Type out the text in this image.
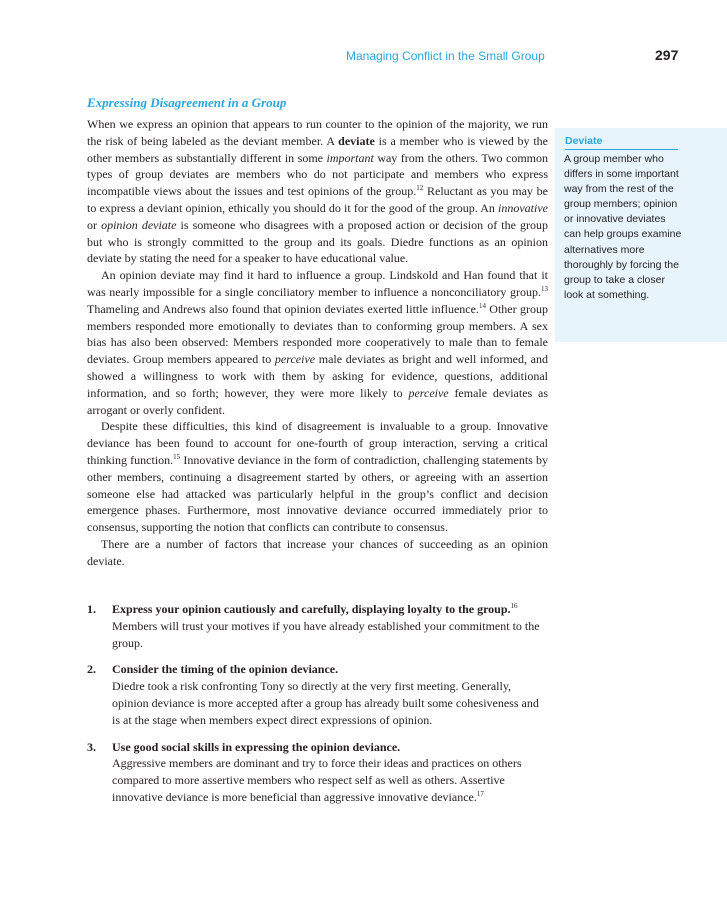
Managing Conflict in the Small Group	297
Deviate
A group member who differs in some important way from the rest of the group members; opinion or innovative deviates can help groups examine alternatives more thoroughly by forcing the group to take a closer look at something.
Expressing Disagreement in a Group

When we express an opinion that appears to run counter to the opinion of the majority, we run the risk of being labeled as the deviant member. A deviate is a member who is viewed by the other members as substantially different in some important way from the others. Two common types of group deviates are members who do not participate and members who express incompatible views about the issues and test opinions of the group.$^{12}$ Reluctant as you may be to express a deviant opinion, ethically you should do it for the good of the group. An innovative or opinion deviate is someone who disagrees with a proposed action or decision of the group but who is strongly committed to the group and its goals. Diedre functions as an opinion deviate by stating the need for a speaker to have educational value.

An opinion deviate may find it hard to influence a group. Lindskold and Han found that it was nearly impossible for a single conciliatory member to influence a nonconciliatory group.$^{13}$ Thameling and Andrews also found that opinion deviates exerted little influence.$^{14}$ Other group members responded more emotionally to deviates than to conforming group members. A sex bias has also been observed: Members responded more cooperatively to male than to female deviates. Group members appeared to perceive male deviates as bright and well informed, and showed a willingness to work with them by asking for evidence, questions, additional information, and so forth; however, they were more likely to perceive female deviates as arrogant or overly confident.

Despite these difficulties, this kind of disagreement is invaluable to a group. Innovative deviance has been found to account for one-fourth of group interaction, serving a critical thinking function.$^{15}$ Innovative deviance in the form of contradiction, challenging statements by other members, continuing a disagreement started by others, or agreeing with an assertion someone else had attacked was particularly helpful in the group’s conflict and decision emergence phases. Furthermore, most innovative deviance occurred immediately prior to consensus, supporting the notion that conflicts can contribute to consensus.

There are a number of factors that increase your chances of succeeding as an opinion deviate.

1. Express your opinion cautiously and carefully, displaying loyalty to the group.$^{16}$
Members will trust your motives if you have already established your commitment to the group.
2. Consider the timing of the opinion deviance.
Diedre took a risk confronting Tony so directly at the very first meeting. Generally, opinion deviance is more accepted after a group has already built some cohesiveness and is at the stage when members expect direct expressions of opinion.
3. Use good social skills in expressing the opinion deviance.
Aggressive members are dominant and try to force their ideas and practices on others compared to more assertive members who respect self as well as others. Assertive innovative deviance is more beneficial than aggressive innovative deviance.$^{17}$
